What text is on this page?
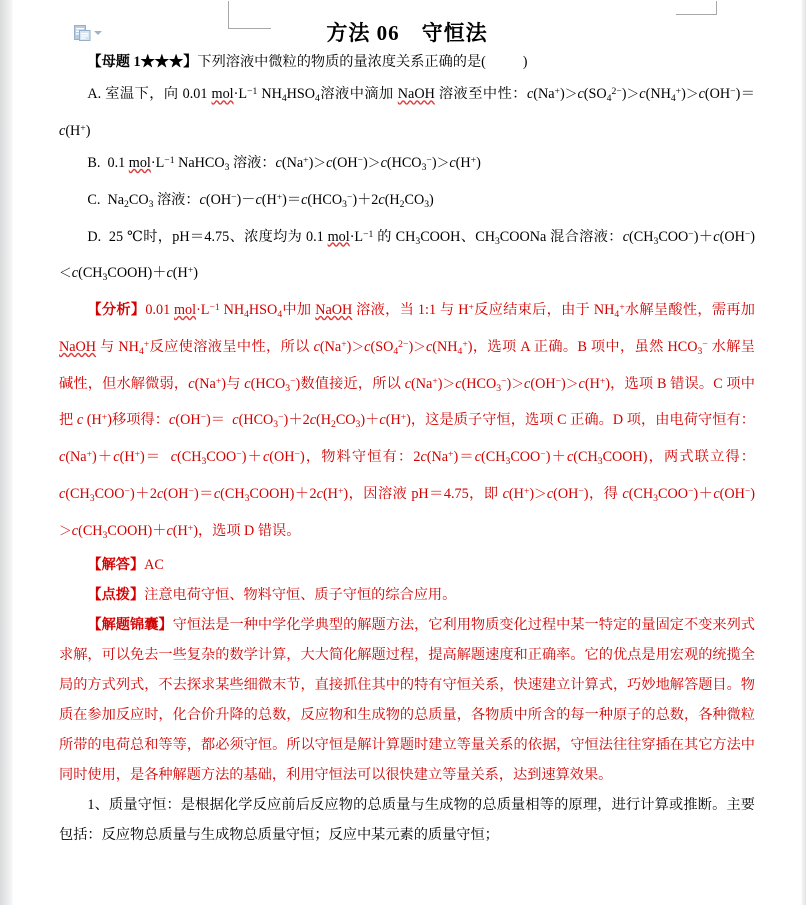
方法 06　守恒法

【母题 1★★★】下列溶液中微粒的物质的量浓度关系正确的是(	)

A. 室温下，向 0.01 $mol\cdot L^{-1}$ $NH_4HSO_4$溶液中滴加 NaOH 溶液至中性：$c(Na^+)>c(SO_4^{2-})>c(NH_4^+)>c(OH^-)=c(H^+)$

B.  0.1 $mol\cdot L^{-1}$ NaHCO$_3$ 溶液：$c(Na^+)>c(OH^-)>c(HCO_3^-)>c(H^+)$

C.  $Na_2CO_3$ 溶液：$c(OH^-)-c(H^+)=c(HCO_3^-)+2c(H_2CO_3)$

D.  25 ℃时，pH＝4.75、浓度均为 0.1 $mol\cdot L^{-1}$ 的 $CH_3COOH$、$CH_3COONa$ 混合溶液：$c(CH_3COO^-)+c(OH^-)<c(CH_3COOH)+c(H^+)$

【分析】0.01 $mol\cdot L^{-1}$ $NH_4HSO_4$中加 NaOH 溶液，当 1:1 与 H+反应结束后，由于 $NH_4^+$水解呈酸性，需再加 NaOH 与 $NH_4^+$反应使溶液呈中性，所以 $c(Na^+)>c(SO_4^{2-})>c(NH_4^+)$，选项 A 正确。B 项中，虽然 $HCO_3^-$ 水解呈碱性，但水解微弱，c(Na+)与 $c(HCO_3^-)$数值接近，所以 $c(Na^+)>c(HCO_3^-)>c(OH^-)>c(H^+)$，选项 B 错误。C 项中把 c (H+)移项得：$c(OH^-)= c(HCO_3^-)+2c(H_2CO_3)+c(H^+)$，这是质子守恒，选项 C 正确。D 项，由电荷守恒有：$c(Na^+)+c(H^+)= c(CH_3COO^-)+c(OH^-)$，物料守恒有：$2c(Na^+)=c(CH_3COO^-)+c(CH_3COOH)$，两式联立得：$c(CH_3COO^-)+2c(OH^-)=c(CH_3COOH)+2c(H^+)$，因溶液 pH＝4.75，即 c(H+)＞c(OH−)，得 $c(CH_3COO^-)+c(OH^-)>c(CH_3COOH)+c(H^+)$，选项 D 错误。

【解答】AC

【点拨】注意电荷守恒、物料守恒、质子守恒的综合应用。

【解题锦囊】守恒法是一种中学化学典型的解题方法，它利用物质变化过程中某一特定的量固定不变来列式求解，可以免去一些复杂的数学计算，大大简化解题过程，提高解题速度和正确率。它的优点是用宏观的统揽全局的方式列式，不去探求某些细微末节，直接抓住其中的特有守恒关系，快速建立计算式，巧妙地解答题目。物质在参加反应时，化合价升降的总数，反应物和生成物的总质量，各物质中所含的每一种原子的总数，各种微粒所带的电荷总和等等，都必须守恒。所以守恒是解计算题时建立等量关系的依据，守恒法往往穿插在其它方法中同时使用，是各种解题方法的基础，利用守恒法可以很快建立等量关系，达到速算效果。

1、质量守恒：是根据化学反应前后反应物的总质量与生成物的总质量相等的原理，进行计算或推断。主要包括：反应物总质量与生成物总质量守恒；反应中某元素的质量守恒；
